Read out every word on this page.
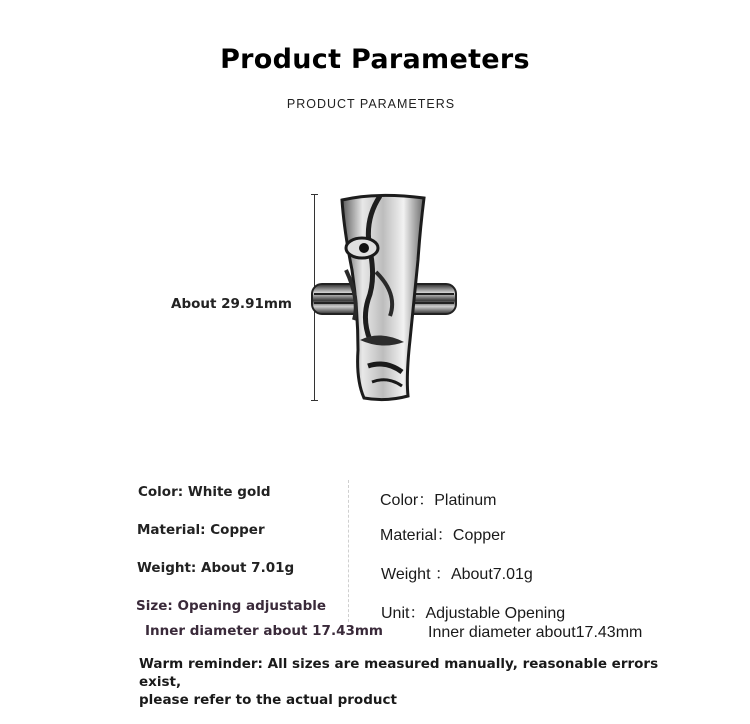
Product Parameters
PRODUCT PARAMETERS
About 29.91mm
Color: White gold
Material: Copper
Weight: About 7.01g
Size: Opening adjustable
Inner diameter about 17.43mm
Color：Platinum
Material：Copper
Weight ：About7.01g
Unit：Adjustable Opening
Inner diameter about17.43mm
Warm reminder: All sizes are measured manually, reasonable errors exist,
please refer to the actual product
